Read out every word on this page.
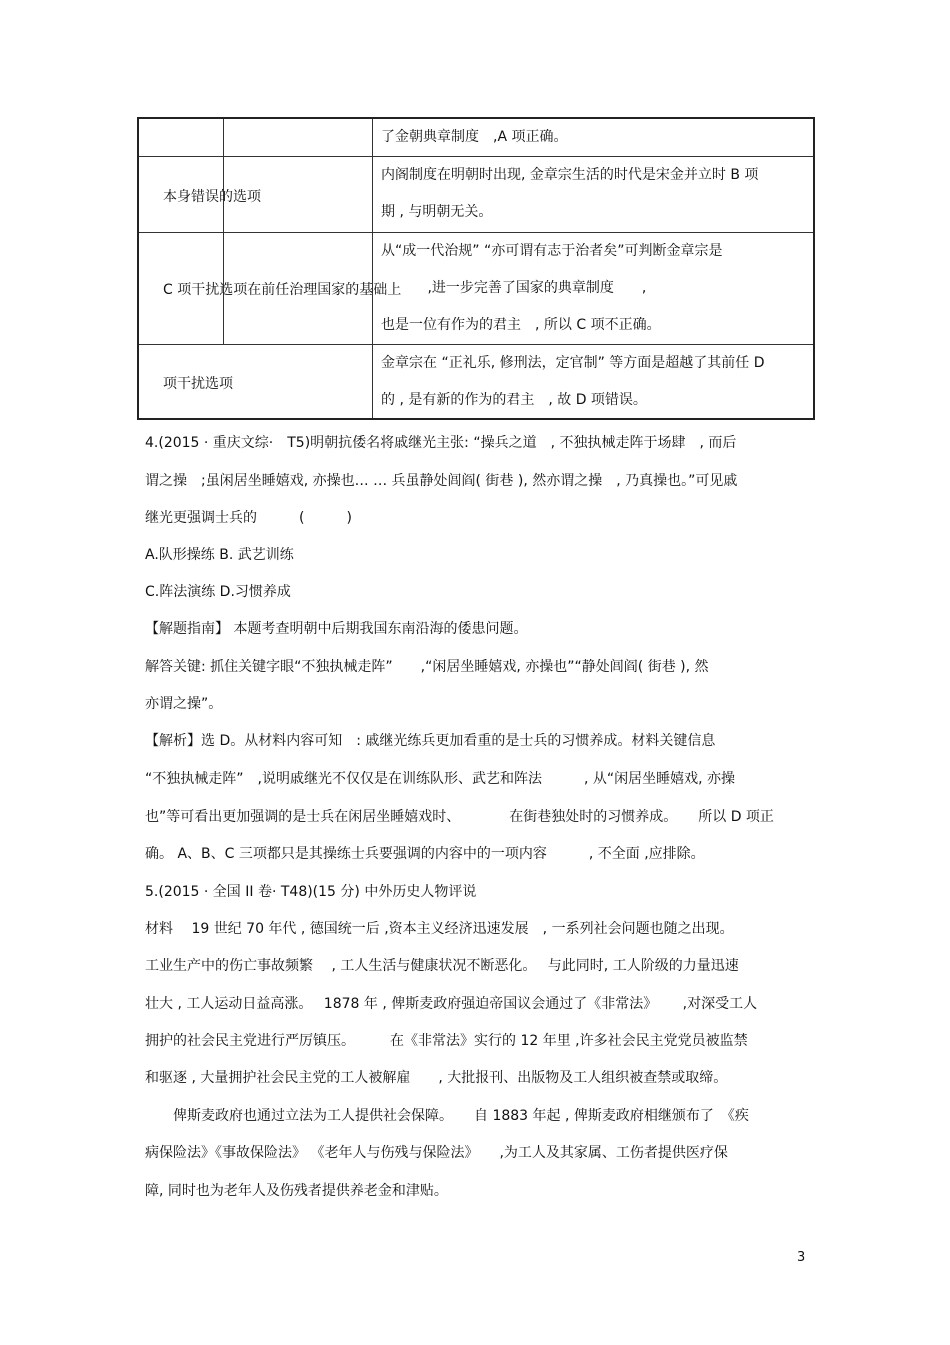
本身错误的选项
C 项干扰选项在前任治理国家的基础上
项干扰选项
了金朝典章制度　,A 项正确。
内阁制度在明朝时出现, 金章宗生活的时代是宋金并立时 B 项
期 , 与明朝无关。
从“成一代治规” “亦可谓有志于治者矣”可判断金章宗是
　　　 ,进一步完善了国家的典章制度　　,
也是一位有作为的君主　, 所以 C 项不正确。
金章宗在 “正礼乐, 修刑法，定官制” 等方面是超越了其前任 D
的 , 是有新的作为的君主　, 故 D 项错误。
4.(2015 · 重庆文综·　T5)明朝抗倭名将戚继光主张: “操兵之道　, 不独执械走阵于场肆　, 而后
谓之操　;虽闲居坐睡嬉戏, 亦操也… … 兵虽静处闾阎( 街巷 ), 然亦谓之操　, 乃真操也。”可见戚
继光更强调士兵的　　　(　　　)
A.队形操练 B. 武艺训练
C.阵法演练 D.习惯养成
【解题指南】 本题考查明朝中后期我国东南沿海的倭患问题。
解答关键: 抓住关键字眼“不独执械走阵”　　,“闲居坐睡嬉戏, 亦操也”“静处闾阎( 街巷 ), 然
亦谓之操”。
【解析】选 D。从材料内容可知　: 戚继光练兵更加看重的是士兵的习惯养成。材料关键信息
“不独执械走阵”　,说明戚继光不仅仅是在训练队形、武艺和阵法　　　, 从“闲居坐睡嬉戏, 亦操
也”等可看出更加强调的是士兵在闲居坐睡嬉戏时、　　　　在街巷独处时的习惯养成。　　所以 D 项正
确。 A、B、C 三项都只是其操练士兵要强调的内容中的一项内容　　　, 不全面 ,应排除。
5.(2015 · 全国 II 卷· T48)(15 分) 中外历史人物评说
材料　 19 世纪 70 年代 , 德国统一后 ,资本主义经济迅速发展　, 一系列社会问题也随之出现。
工业生产中的伤亡事故频繁　 , 工人生活与健康状况不断恶化。　 与此同时, 工人阶级的力量迅速
壮大 , 工人运动日益高涨。　 1878 年 , 俾斯麦政府强迫帝国议会通过了《非常法》　　 ,对深受工人
拥护的社会民主党进行严厉镇压。　　　在《非常法》实行的 12 年里 ,许多社会民主党党员被监禁
和驱逐 , 大量拥护社会民主党的工人被解雇　　, 大批报刊、出版物及工人组织被查禁或取缔。
　　俾斯麦政府也通过立法为工人提供社会保障。　　自 1883 年起 , 俾斯麦政府相继颁布了　《疾
病保险法》《事故保险法》 《老年人与伤残与保险法》　　,为工人及其家属、工伤者提供医疗保
障, 同时也为老年人及伤残者提供养老金和津贴。
3
